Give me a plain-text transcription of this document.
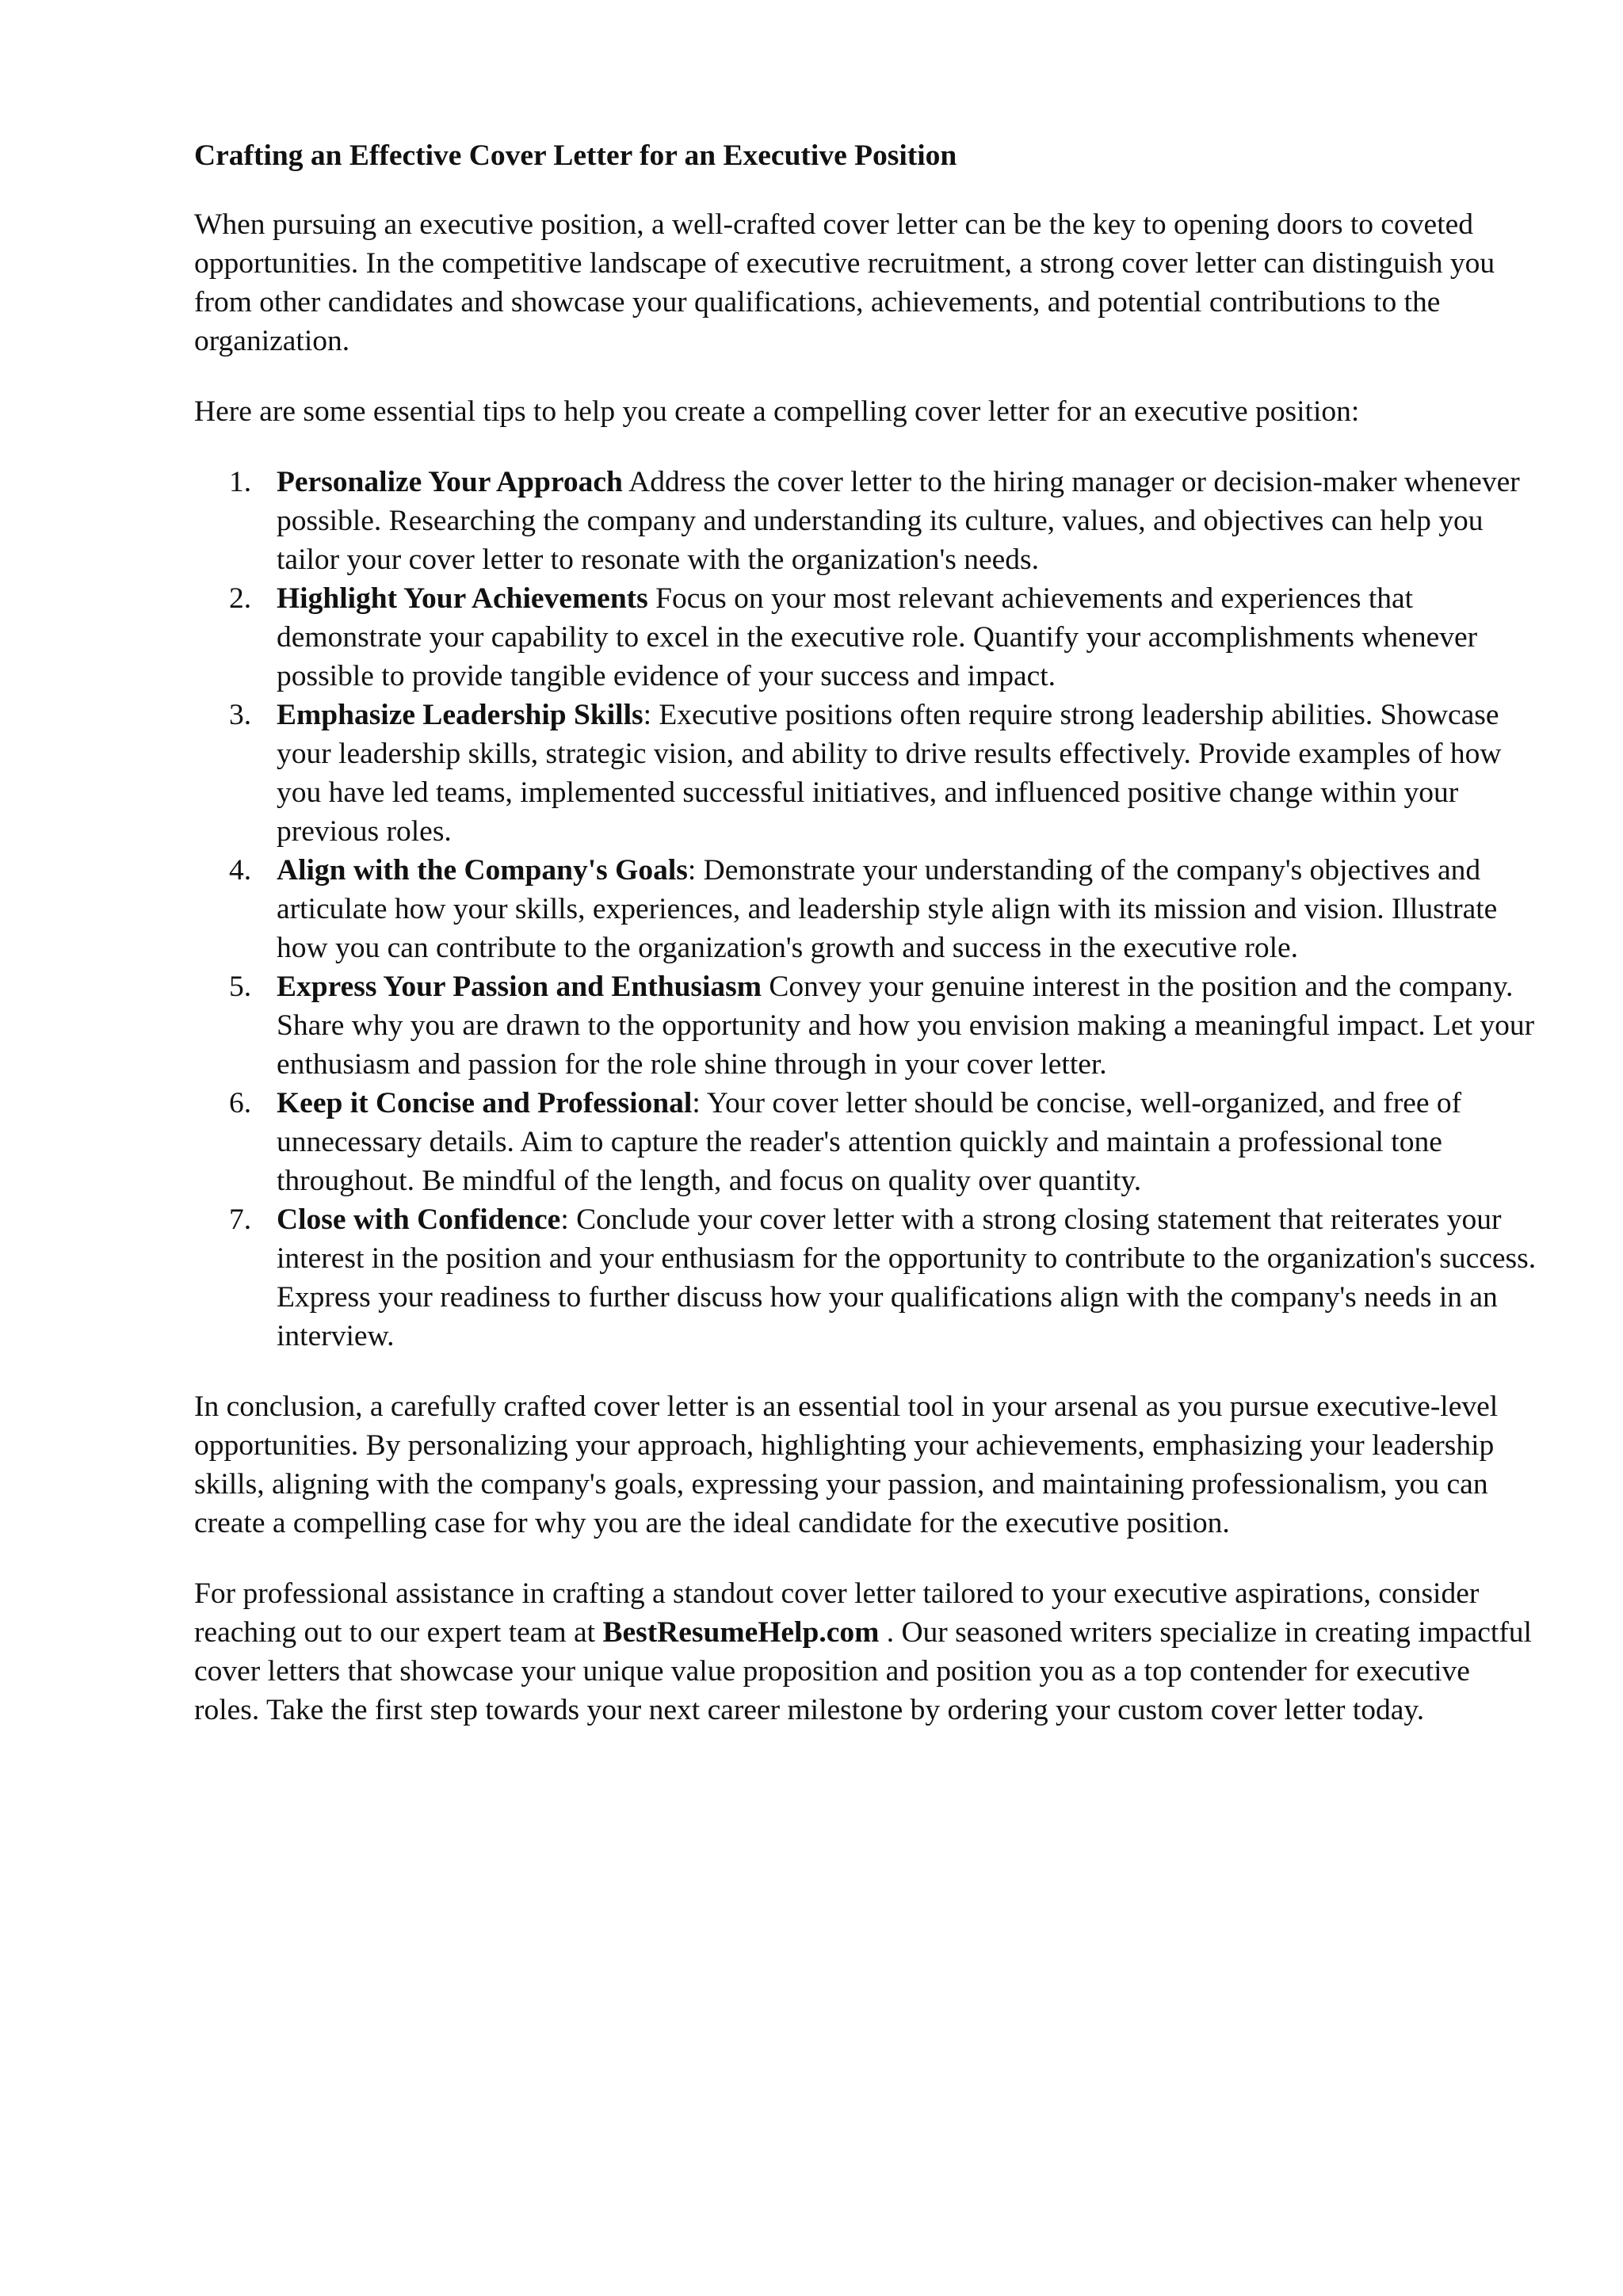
Crafting an Effective Cover Letter for an Executive Position

When pursuing an executive position, a well-crafted cover letter can be the key to opening doors to coveted opportunities. In the competitive landscape of executive recruitment, a strong cover letter can distinguish you from other candidates and showcase your qualifications, achievements, and potential contributions to the organization.

Here are some essential tips to help you create a compelling cover letter for an executive position:

1. Personalize Your Approach Address the cover letter to the hiring manager or decision-maker whenever possible. Researching the company and understanding its culture, values, and objectives can help you tailor your cover letter to resonate with the organization's needs.
2. Highlight Your Achievements Focus on your most relevant achievements and experiences that demonstrate your capability to excel in the executive role. Quantify your accomplishments whenever possible to provide tangible evidence of your success and impact.
3. Emphasize Leadership Skills: Executive positions often require strong leadership abilities. Showcase your leadership skills, strategic vision, and ability to drive results effectively. Provide examples of how you have led teams, implemented successful initiatives, and influenced positive change within your previous roles.
4. Align with the Company's Goals: Demonstrate your understanding of the company's objectives and articulate how your skills, experiences, and leadership style align with its mission and vision. Illustrate how you can contribute to the organization's growth and success in the executive role.
5. Express Your Passion and Enthusiasm Convey your genuine interest in the position and the company. Share why you are drawn to the opportunity and how you envision making a meaningful impact. Let your enthusiasm and passion for the role shine through in your cover letter.
6. Keep it Concise and Professional: Your cover letter should be concise, well-organized, and free of unnecessary details. Aim to capture the reader's attention quickly and maintain a professional tone throughout. Be mindful of the length, and focus on quality over quantity.
7. Close with Confidence: Conclude your cover letter with a strong closing statement that reiterates your interest in the position and your enthusiasm for the opportunity to contribute to the organization's success. Express your readiness to further discuss how your qualifications align with the company's needs in an interview.

In conclusion, a carefully crafted cover letter is an essential tool in your arsenal as you pursue executive-level opportunities. By personalizing your approach, highlighting your achievements, emphasizing your leadership skills, aligning with the company's goals, expressing your passion, and maintaining professionalism, you can create a compelling case for why you are the ideal candidate for the executive position.

For professional assistance in crafting a standout cover letter tailored to your executive aspirations, consider reaching out to our expert team at BestResumeHelp.com . Our seasoned writers specialize in creating impactful cover letters that showcase your unique value proposition and position you as a top contender for executive roles. Take the first step towards your next career milestone by ordering your custom cover letter today.
